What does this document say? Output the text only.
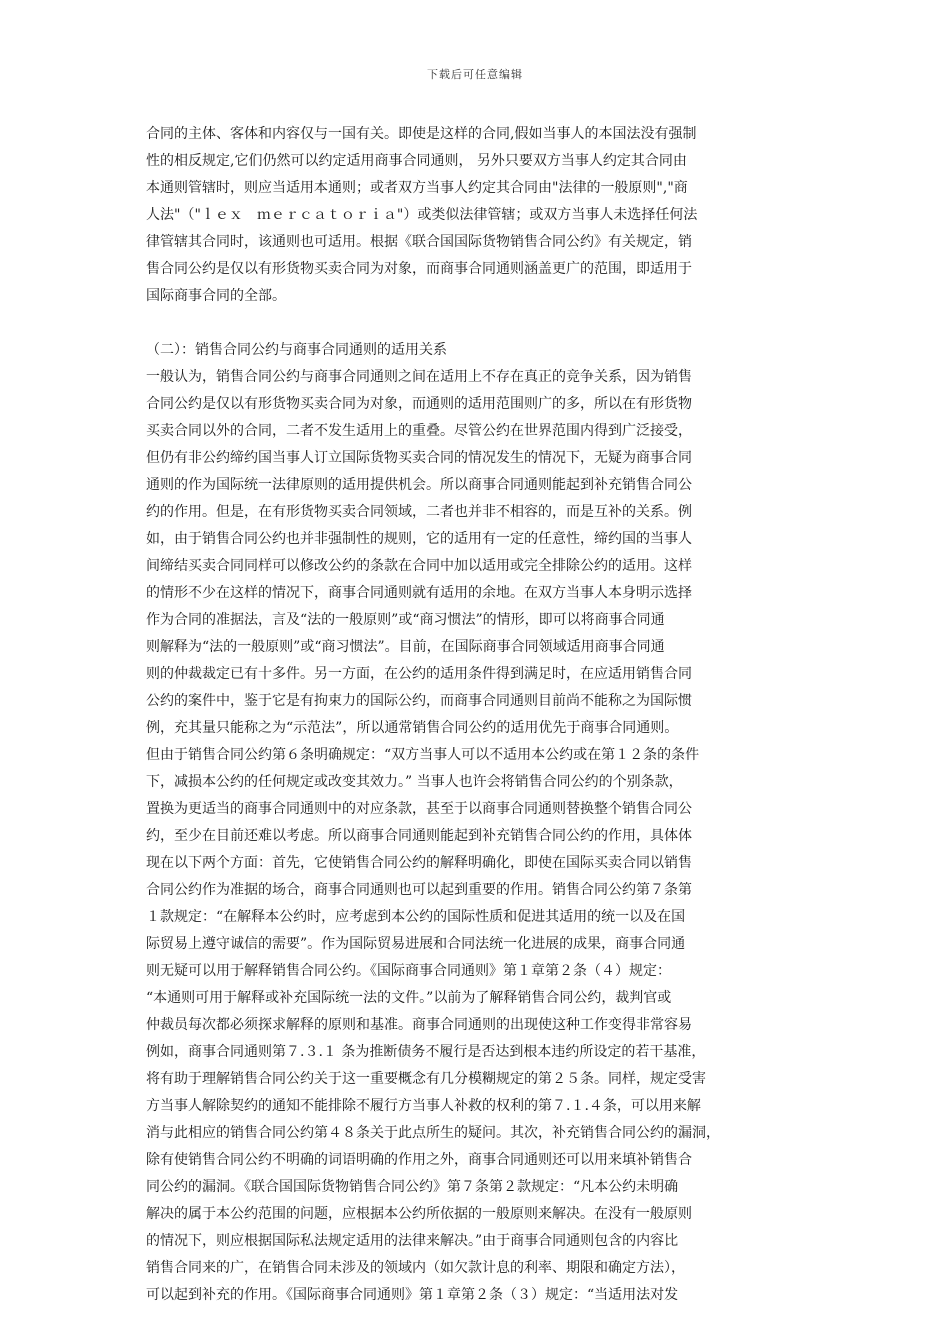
下载后可任意编辑
合同的主体、客体和内容仅与一国有关。即使是这样的合同,假如当事人的本国法没有强制
性的相反规定,它们仍然可以约定适用商事合同通则， 另外只要双方当事人约定其合同由
本通则管辖时，则应当适用本通则；或者双方当事人约定其合同由"法律的一般原则","商
人法"（"ｌｅｘ　ｍｅｒｃａｔｏｒｉａ"）或类似法律管辖；或双方当事人未选择任何法
律管辖其合同时，该通则也可适用。根据《联合国国际货物销售合同公约》有关规定，销
售合同公约是仅以有形货物买卖合同为对象，而商事合同通则涵盖更广的范围，即适用于
国际商事合同的全部。
（二）：销售合同公约与商事合同通则的适用关系
一般认为，销售合同公约与商事合同通则之间在适用上不存在真正的竞争关系，因为销售
合同公约是仅以有形货物买卖合同为对象，而通则的适用范围则广的多，所以在有形货物
买卖合同以外的合同，二者不发生适用上的重叠。尽管公约在世界范围内得到广泛接受，
但仍有非公约缔约国当事人订立国际货物买卖合同的情况发生的情况下，无疑为商事合同
通则的作为国际统一法律原则的适用提供机会。所以商事合同通则能起到补充销售合同公
约的作用。但是，在有形货物买卖合同领域，二者也并非不相容的，而是互补的关系。例
如，由于销售合同公约也并非强制性的规则，它的适用有一定的任意性，缔约国的当事人
间缔结买卖合同同样可以修改公约的条款在合同中加以适用或完全排除公约的适用。这样
的情形不少在这样的情况下，商事合同通则就有适用的余地。在双方当事人本身明示选择
作为合同的准据法，言及“法的一般原则”或“商习惯法”的情形，即可以将商事合同通
则解释为“法的一般原则”或“商习惯法”。目前，在国际商事合同领域适用商事合同通
则的仲裁裁定已有十多件。另一方面，在公约的适用条件得到满足时，在应适用销售合同
公约的案件中，鉴于它是有拘束力的国际公约，而商事合同通则目前尚不能称之为国际惯
例，充其量只能称之为“示范法”，所以通常销售合同公约的适用优先于商事合同通则。
但由于销售合同公约第６条明确规定：“双方当事人可以不适用本公约或在第１２条的条件
下，减损本公约的任何规定或改变其效力。” 当事人也许会将销售合同公约的个别条款，
置换为更适当的商事合同通则中的对应条款，甚至于以商事合同通则替换整个销售合同公
约，至少在目前还难以考虑。所以商事合同通则能起到补充销售合同公约的作用，具体体
现在以下两个方面：首先，它使销售合同公约的解释明确化，即使在国际买卖合同以销售
合同公约作为准据的场合，商事合同通则也可以起到重要的作用。销售合同公约第７条第
１款规定：“在解释本公约时，应考虑到本公约的国际性质和促进其适用的统一以及在国
际贸易上遵守诚信的需要”。作为国际贸易进展和合同法统一化进展的成果，商事合同通
则无疑可以用于解释销售合同公约。《国际商事合同通则》第１章第２条（４）规定：
“本通则可用于解释或补充国际统一法的文件。”以前为了解释销售合同公约，裁判官或
仲裁员每次都必须探求解释的原则和基准。商事合同通则的出现使这种工作变得非常容易
例如，商事合同通则第７.３.１ 条为推断债务不履行是否达到根本违约所设定的若干基准，
将有助于理解销售合同公约关于这一重要概念有几分模糊规定的第２５条。同样，规定受害
方当事人解除契约的通知不能排除不履行方当事人补救的权利的第７.１.４条，可以用来解
消与此相应的销售合同公约第４８条关于此点所生的疑问。其次，补充销售合同公约的漏洞，
除有使销售合同公约不明确的词语明确的作用之外，商事合同通则还可以用来填补销售合
同公约的漏洞。《联合国国际货物销售合同公约》第７条第２款规定：“凡本公约未明确
解决的属于本公约范围的问题，应根据本公约所依据的一般原则来解决。在没有一般原则
的情况下，则应根据国际私法规定适用的法律来解决。”由于商事合同通则包含的内容比
销售合同来的广，在销售合同未涉及的领域内（如欠款计息的利率、期限和确定方法），
可以起到补充的作用。《国际商事合同通则》第１章第２条（３）规定：“当适用法对发
